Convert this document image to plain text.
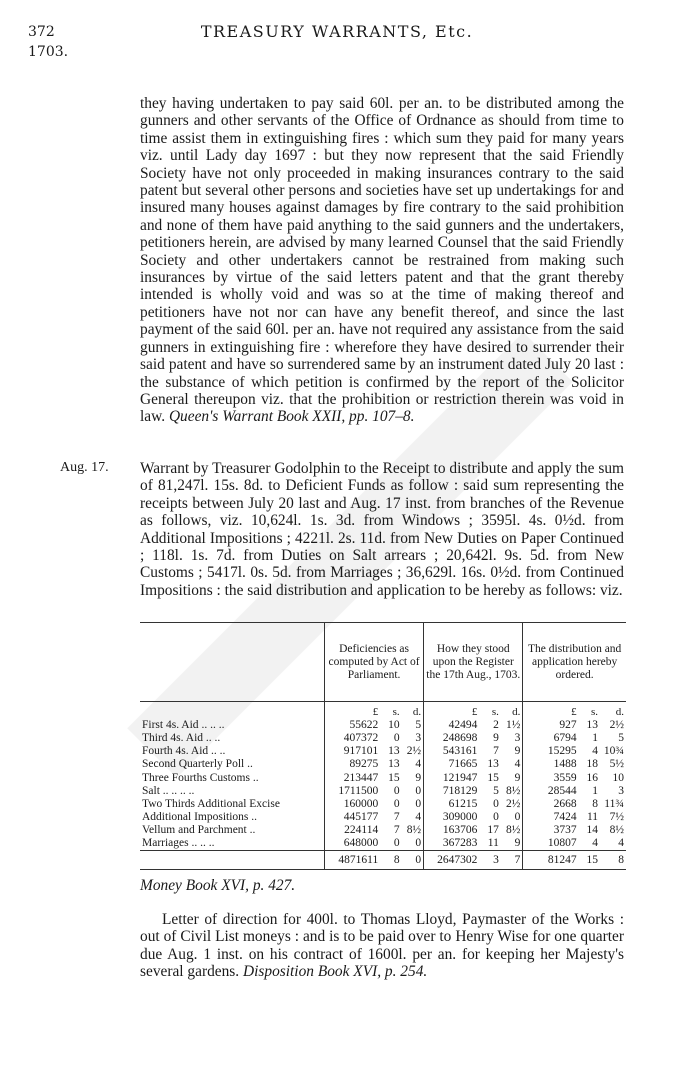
372	TREASURY WARRANTS, Etc.
1703.

they having undertaken to pay said 60l. per an. to be distributed among the gunners and other servants of the Office of Ordnance as should from time to time assist them in extinguishing fires : which sum they paid for many years viz. until Lady day 1697 : but they now represent that the said Friendly Society have not only proceeded in making insurances contrary to the said patent but several other persons and societies have set up undertakings for and insured many houses against damages by fire contrary to the said prohibition and none of them have paid anything to the said gunners and the undertakers, petitioners herein, are advised by many learned Counsel that the said Friendly Society and other undertakers cannot be restrained from making such insurances by virtue of the said letters patent and that the grant thereby intended is wholly void and was so at the time of making thereof and petitioners have not nor can have any benefit thereof, and since the last payment of the said 60l. per an. have not required any assistance from the said gunners in extinguishing fire : wherefore they have desired to surrender their said patent and have so surrendered same by an instrument dated July 20 last : the substance of which petition is confirmed by the report of the Solicitor General thereupon viz. that the prohibition or restriction therein was void in law. Queen's Warrant Book XXII, pp. 107–8.

Aug. 17. Warrant by Treasurer Godolphin to the Receipt to distribute and apply the sum of 81,247l. 15s. 8d. to Deficient Funds as follow : said sum representing the receipts between July 20 last and Aug. 17 inst. from branches of the Revenue as follows, viz. 10,624l. 1s. 3d. from Windows ; 3595l. 4s. 0½d. from Additional Impositions ; 4221l. 2s. 11d. from New Duties on Paper Continued ; 118l. 1s. 7d. from Duties on Salt arrears ; 20,642l. 9s. 5d. from New Customs ; 5417l. 0s. 5d. from Marriages ; 36,629l. 16s. 0½d. from Continued Impositions : the said distribution and application to be hereby as follows: viz.

	Deficiencies as computed by Act of Parliament.			How they stood upon the Register the 17th Aug., 1703.			The distribution and application hereby ordered.		
	£	s.	d.	£	s.	d.	£	s.	d.
First 4s. Aid .. .. ..	55622	10	5	42494	2	1½	927	13	2½
Third 4s. Aid .. ..	407372	0	3	248698	9	3	6794	1	5
Fourth 4s. Aid .. ..	917101	13	2½	543161	7	9	15295	4	10¾
Second Quarterly Poll ..	89275	13	4	71665	13	4	1488	18	5½
Three Fourths Customs ..	213447	15	9	121947	15	9	3559	16	10
Salt .. .. .. ..	1711500	0	0	718129	5	8½	28544	1	3
Two Thirds Additional Excise	160000	0	0	61215	0	2½	2668	8	11¾
Additional Impositions ..	445177	7	4	309000	0	0	7424	11	7½
Vellum and Parchment ..	224114	7	8½	163706	17	8½	3737	14	8½
Marriages .. .. ..	648000	0	0	367283	11	9	10807	4	4
	4871611	8	0	2647302	3	7	81247	15	8
Money Book XVI, p. 427.

Letter of direction for 400l. to Thomas Lloyd, Paymaster of the Works : out of Civil List moneys : and is to be paid over to Henry Wise for one quarter due Aug. 1 inst. on his contract of 1600l. per an. for keeping her Majesty's several gardens. Disposition Book XVI, p. 254.
